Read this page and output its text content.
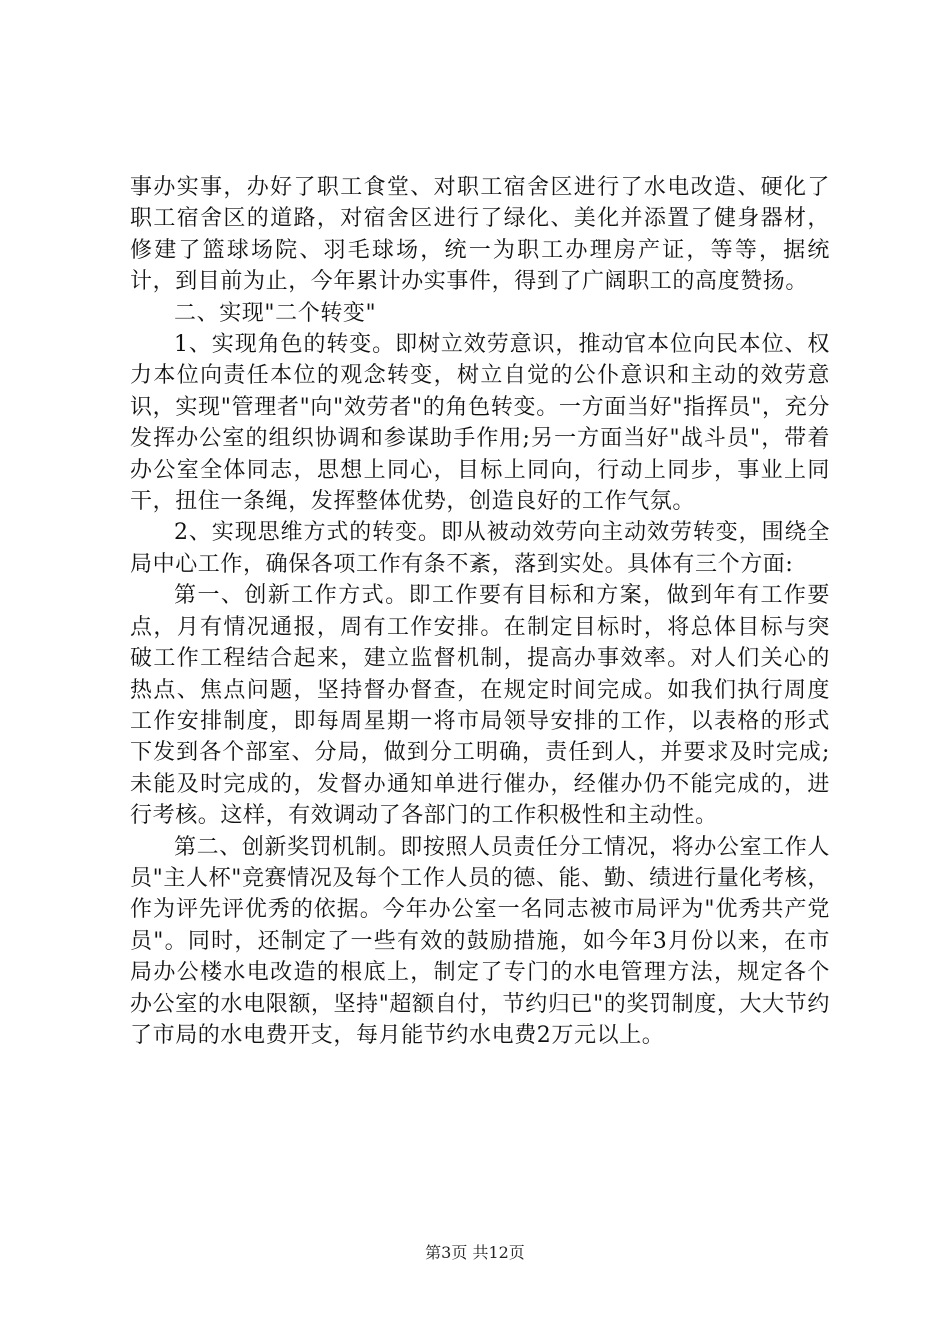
事办实事，办好了职工食堂、对职工宿舍区进行了水电改造、硬化了职工宿舍区的道路，对宿舍区进行了绿化、美化并添置了健身器材，修建了篮球场院、羽毛球场，统一为职工办理房产证，等等，据统计，到目前为止，今年累计办实事件，得到了广阔职工的高度赞扬。

二、实现"二个转变"

1、实现角色的转变。即树立效劳意识，推动官本位向民本位、权力本位向责任本位的观念转变，树立自觉的公仆意识和主动的效劳意识，实现"管理者"向"效劳者"的角色转变。一方面当好"指挥员"，充分发挥办公室的组织协调和参谋助手作用;另一方面当好"战斗员"，带着办公室全体同志，思想上同心，目标上同向，行动上同步，事业上同干，扭住一条绳，发挥整体优势，创造良好的工作气氛。

2、实现思维方式的转变。即从被动效劳向主动效劳转变，围绕全局中心工作，确保各项工作有条不紊，落到实处。具体有三个方面:

第一、创新工作方式。即工作要有目标和方案，做到年有工作要点，月有情况通报，周有工作安排。在制定目标时，将总体目标与突破工作工程结合起来，建立监督机制，提高办事效率。对人们关心的热点、焦点问题，坚持督办督查，在规定时间完成。如我们执行周度工作安排制度，即每周星期一将市局领导安排的工作，以表格的形式下发到各个部室、分局，做到分工明确，责任到人，并要求及时完成;未能及时完成的，发督办通知单进行催办，经催办仍不能完成的，进行考核。这样，有效调动了各部门的工作积极性和主动性。

第二、创新奖罚机制。即按照人员责任分工情况，将办公室工作人员"主人杯"竞赛情况及每个工作人员的德、能、勤、绩进行量化考核，作为评先评优秀的依据。今年办公室一名同志被市局评为"优秀共产党员"。同时，还制定了一些有效的鼓励措施，如今年3月份以来，在市局办公楼水电改造的根底上，制定了专门的水电管理方法，规定各个办公室的水电限额，坚持"超额自付，节约归已"的奖罚制度，大大节约了市局的水电费开支，每月能节约水电费2万元以上。

第3页 共12页
